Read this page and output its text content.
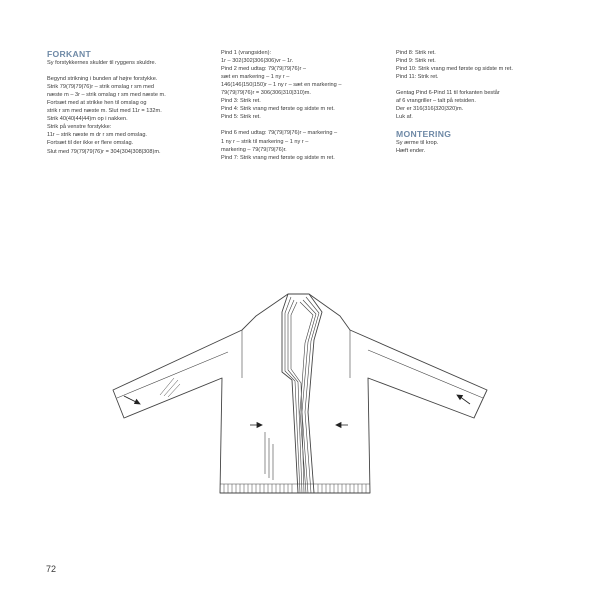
FORKANT
Sy forstykkernes skulder til ryggens skuldre.
Begynd strikning i bunden af højre forstykke.
Strik 79(79|79|76)r – strik omslag r sm med
næste m – 3r – strik omslag r sm med næste m.
Fortsæt med at strikke hen til omslag og
strik r sm med næste m. Slut med 11r = 132m.
Strik 40(40|44|44)m op i nakken.
Strik på venstre forstykke:
11r – strik næste m dr r sm med omslag.
Fortsæt til der ikke er flere omslag.
Slut med 79(79|79|76)r = 304(304|308|308)m.
Pind 1 (vrangsiden):
1r – 302(302|306|306)vr – 1r.
Pind 2 med udtag: 79(79|79|76)r –
sæt en markering – 1 ny r –
146(146|150|150)r – 1 ny r – sæt en markering –
79(79|79|76)r = 306(306|310|310)m.
Pind 3: Strik ret.
Pind 4: Strik vrang med første og sidste m ret.
Pind 5: Strik ret.
Pind 6 med udtag: 79(79|79|76)r – markering –
1 ny r – strik til markering – 1 ny r –
markering – 79(79|79|76)r.
Pind 7: Strik vrang med første og sidste m ret.
Pind 8: Strik ret.
Pind 9: Strik ret.
Pind 10: Strik vrang med første og sidste m ret.
Pind 11: Strik ret.
Gentag Pind 6-Pind 11 til forkanten består
af 6 vrangriller – talt på retsiden.
Der er 316(316|320|320)m.
Luk af.
MONTERING
Sy ærme til krop.
Hæft ender.
72
